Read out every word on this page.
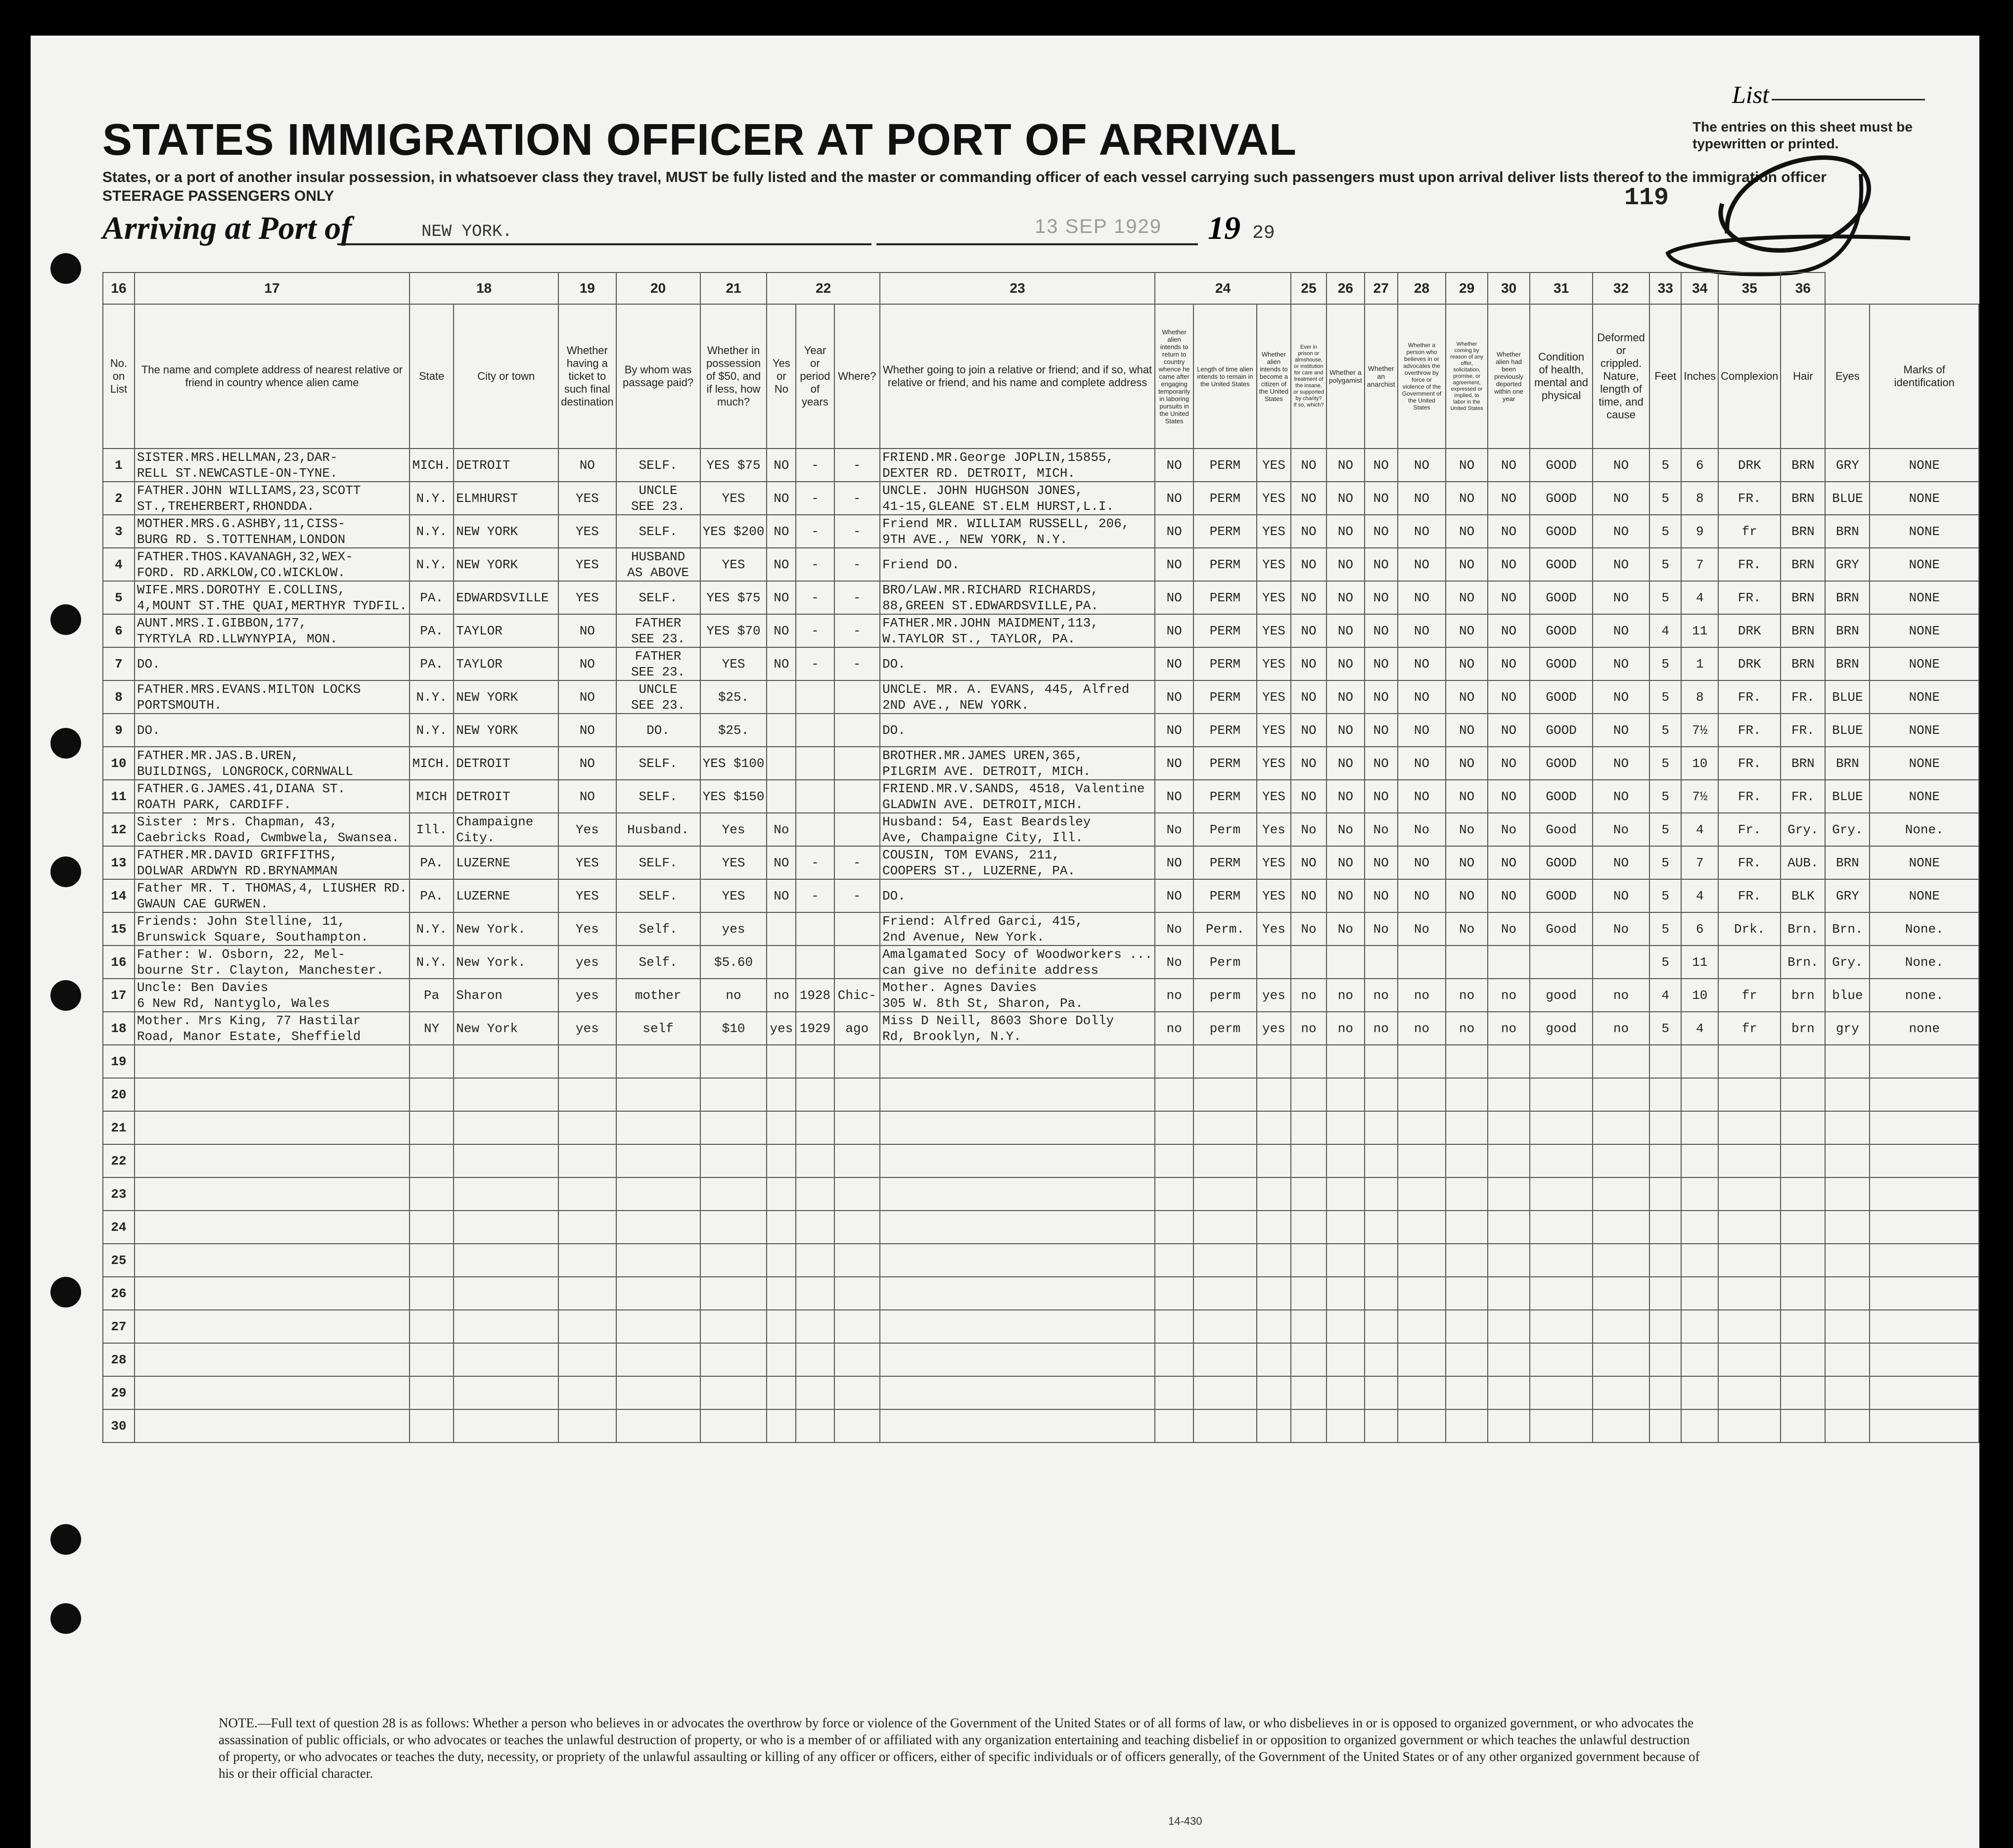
STATES IMMIGRATION OFFICER AT PORT OF ARRIVAL
States, or a port of another insular possession, in whatsoever class they travel, MUST be fully listed and the master or commanding officer of each vessel carrying such passengers must upon arrival deliver lists thereof to the immigration officer
STEERAGE PASSENGERS ONLY
Arriving at Port of	NEW YORK.	13 SEP 1929 19 29
List
The entries on this sheet must be typewritten or printed.
119
16	17	18		19	20	21	22			23	24			25	26	27	28	29	30	31	32	33	34	35	36		
No. on List	The name and complete address of nearest relative or friend in country whence alien came	State	City or town	Whether having a ticket to such final destination	By whom was passage paid?	Whether in possession of $50, and if less, how much?	Yes or No	Year or period of years	Where?	Whether going to join a relative or friend; and if so, what relative or friend, and his name and complete address	Whether alien intends to return to country whence he came after engaging temporarily in laboring pursuits in the United States	Length of time alien intends to remain in the United States	Whether alien intends to become a citizen of the United States	Ever in prison or almshouse, or institution for care and treatment of the insane, or supported by charity? If so, which?	Whether a polygamist	Whether an anarchist	Whether a person who believes in or advocates the overthrow by force or violence of the Government of the United States	Whether coming by reason of any offer, solicitation, promise, or agreement, expressed or implied, to labor in the United States	Whether alien had been previously deported within one year	Condition of health, mental and physical	Deformed or crippled. Nature, length of time, and cause	Feet	Inches	Complexion	Hair	Eyes	Marks of identification

1	SISTER.MRS.HELLMAN,23,DAR-
RELL ST.NEWCASTLE-ON-TYNE.	MICH.	DETROIT	NO	SELF.	YES $75	NO	-	-	FRIEND.MR.George JOPLIN,15855,
DEXTER RD. DETROIT, MICH.	NO	PERM	YES	NO	NO	NO	NO	NO	NO	GOOD	NO	5	6	DRK	BRN	GRY	NONE

2	FATHER.JOHN WILLIAMS,23,SCOTT
ST.,TREHERBERT,RHONDDA.	N.Y.	ELMHURST	YES	UNCLE
SEE 23.	YES	NO	-	-	UNCLE. JOHN HUGHSON JONES,
41-15,GLEANE ST.ELM HURST,L.I.	NO	PERM	YES	NO	NO	NO	NO	NO	NO	GOOD	NO	5	8	FR.	BRN	BLUE	NONE

3	MOTHER.MRS.G.ASHBY,11,CISS-
BURG RD. S.TOTTENHAM,LONDON	N.Y.	NEW YORK	YES	SELF.	YES $200	NO	-	-	Friend MR. WILLIAM RUSSELL, 206,
9TH AVE., NEW YORK, N.Y.	NO	PERM	YES	NO	NO	NO	NO	NO	NO	GOOD	NO	5	9	fr	BRN	BRN	NONE

4	FATHER.THOS.KAVANAGH,32,WEX-
FORD. RD.ARKLOW,CO.WICKLOW.	N.Y.	NEW YORK	YES	HUSBAND
AS ABOVE	YES	NO	-	-	Friend DO.	NO	PERM	YES	NO	NO	NO	NO	NO	NO	GOOD	NO	5	7	FR.	BRN	GRY	NONE

5	WIFE.MRS.DOROTHY E.COLLINS,
4,MOUNT ST.THE QUAI,MERTHYR TYDFIL.	PA.	EDWARDSVILLE	YES	SELF.	YES $75	NO	-	-	BRO/LAW.MR.RICHARD RICHARDS,
88,GREEN ST.EDWARDSVILLE,PA.	NO	PERM	YES	NO	NO	NO	NO	NO	NO	GOOD	NO	5	4	FR.	BRN	BRN	NONE

6	AUNT.MRS.I.GIBBON,177,
TYRTYLA RD.LLWYNYPIA, MON.	PA.	TAYLOR	NO	FATHER
SEE 23.	YES $70	NO	-	-	FATHER.MR.JOHN MAIDMENT,113,
W.TAYLOR ST., TAYLOR, PA.	NO	PERM	YES	NO	NO	NO	NO	NO	NO	GOOD	NO	4	11	DRK	BRN	BRN	NONE

7	DO.	PA.	TAYLOR	NO	FATHER
SEE 23.	YES	NO	-	-	DO.	NO	PERM	YES	NO	NO	NO	NO	NO	NO	GOOD	NO	5	1	DRK	BRN	BRN	NONE

8	FATHER.MRS.EVANS.MILTON LOCKS
PORTSMOUTH.	N.Y.	NEW YORK	NO	UNCLE
SEE 23.	$25.				UNCLE. MR. A. EVANS, 445, Alfred
2ND AVE., NEW YORK.	NO	PERM	YES	NO	NO	NO	NO	NO	NO	GOOD	NO	5	8	FR.	FR.	BLUE	NONE

9	DO.	N.Y.	NEW YORK	NO	DO.	$25.				DO.	NO	PERM	YES	NO	NO	NO	NO	NO	NO	GOOD	NO	5	7½	FR.	FR.	BLUE	NONE

10	FATHER.MR.JAS.B.UREN,
BUILDINGS, LONGROCK,CORNWALL	MICH.	DETROIT	NO	SELF.	YES $100				BROTHER.MR.JAMES UREN,365,
PILGRIM AVE. DETROIT, MICH.	NO	PERM	YES	NO	NO	NO	NO	NO	NO	GOOD	NO	5	10	FR.	BRN	BRN	NONE

11	FATHER.G.JAMES.41,DIANA ST.
ROATH PARK, CARDIFF.	MICH	DETROIT	NO	SELF.	YES $150				FRIEND.MR.V.SANDS, 4518, Valentine
GLADWIN AVE. DETROIT,MICH.	NO	PERM	YES	NO	NO	NO	NO	NO	NO	GOOD	NO	5	7½	FR.	FR.	BLUE	NONE

12	Sister : Mrs. Chapman, 43,
Caebricks Road, Cwmbwela, Swansea.	Ill.	Champaigne
City.	Yes	Husband.	Yes	No			Husband: 54, East Beardsley
Ave, Champaigne City, Ill.	No	Perm	Yes	No	No	No	No	No	No	Good	No	5	4	Fr.	Gry.	Gry.	None.

13	FATHER.MR.DAVID GRIFFITHS,
DOLWAR ARDWYN RD.BRYNAMMAN	PA.	LUZERNE	YES	SELF.	YES	NO	-	-	COUSIN, TOM EVANS, 211,
COOPERS ST., LUZERNE, PA.	NO	PERM	YES	NO	NO	NO	NO	NO	NO	GOOD	NO	5	7	FR.	AUB.	BRN	NONE

14	Father MR. T. THOMAS,4, LIUSHER RD.
GWAUN CAE GURWEN.	PA.	LUZERNE	YES	SELF.	YES	NO	-	-	DO.	NO	PERM	YES	NO	NO	NO	NO	NO	NO	GOOD	NO	5	4	FR.	BLK	GRY	NONE

15	Friends: John Stelline, 11,
Brunswick Square, Southampton.	N.Y.	New York.	Yes	Self.	yes				Friend: Alfred Garci, 415,
2nd Avenue, New York.	No	Perm.	Yes	No	No	No	No	No	No	Good	No	5	6	Drk.	Brn.	Brn.	None.

16	Father: W. Osborn, 22, Mel-
bourne Str. Clayton, Manchester.	N.Y.	New York.	yes	Self.	$5.60				Amalgamated Socy of Woodworkers ...
can give no definite address	No	Perm										5	11		Brn.	Gry.	None.

17	Uncle: Ben Davies
6 New Rd, Nantyglo, Wales	Pa	Sharon	yes	mother	no	no	1928	Chic-	Mother. Agnes Davies
305 W. 8th St, Sharon, Pa.	no	perm	yes	no	no	no	no	no	no	good	no	4	10	fr	brn	blue	none.

18	Mother. Mrs King, 77 Hastilar
Road, Manor Estate, Sheffield	NY	New York	yes	self	$10	yes	1929	ago	Miss D Neill, 8603 Shore Dolly
Rd, Brooklyn, N.Y.	no	perm	yes	no	no	no	no	no	no	good	no	5	4	fr	brn	gry	none

19																											

20																											

21																											

22																											

23																											

24																											

25																											

26																											

27																											

28																											

29																											

30																											

NOTE.—Full text of question 28 is as follows: Whether a person who believes in or advocates the overthrow by force or violence of the Government of the United States or of all forms of law, or who disbelieves in or is opposed to organized government, or who advocates the assassination of public officials, or who advocates or teaches the unlawful destruction of property, or who is a member of or affiliated with any organization entertaining and teaching disbelief in or opposition to organized government or which teaches the unlawful destruction of property, or who advocates or teaches the duty, necessity, or propriety of the unlawful assaulting or killing of any officer or officers, either of specific individuals or of officers generally, of the Government of the United States or of any other organized government because of his or their official character.
14-430
